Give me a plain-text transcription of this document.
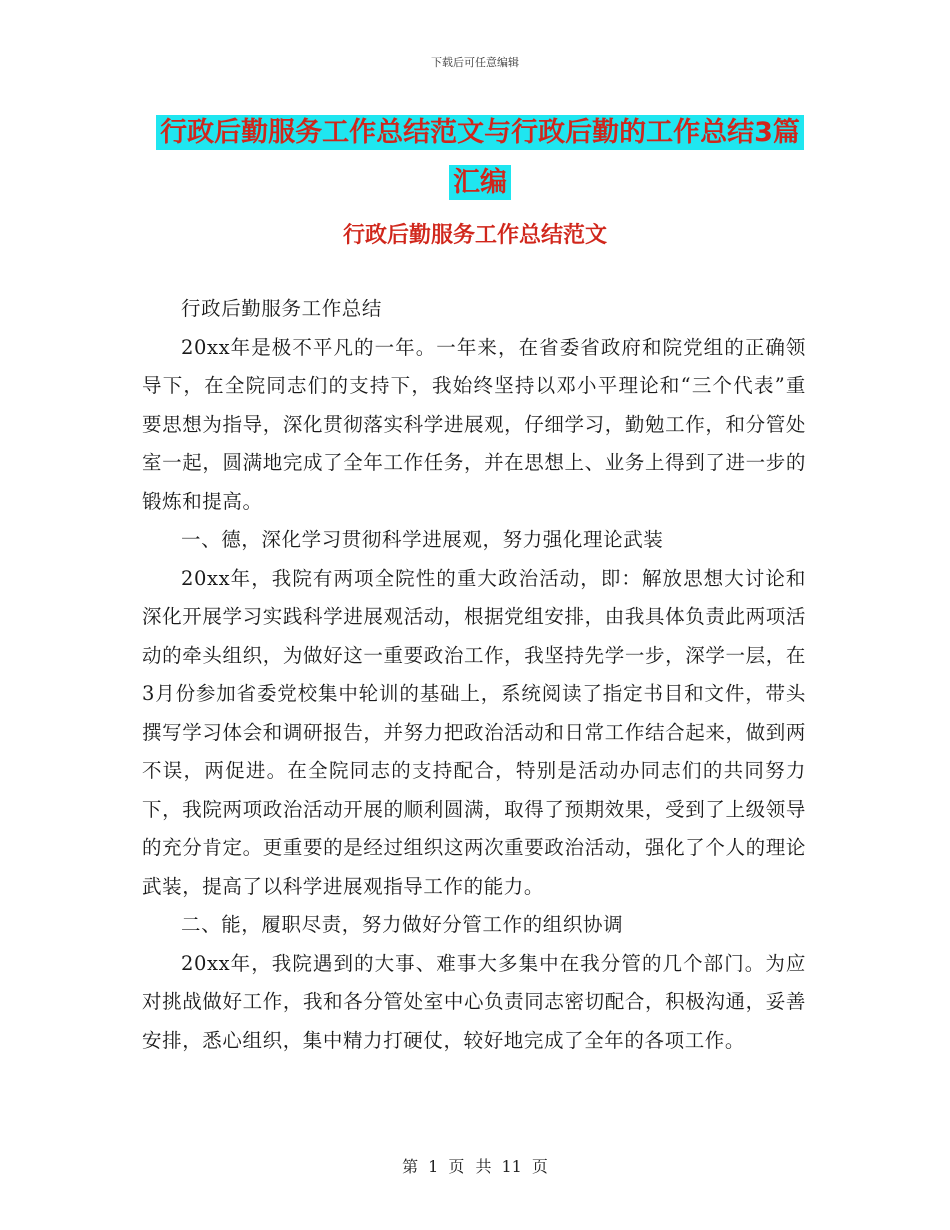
下载后可任意编辑
行政后勤服务工作总结范文与行政后勤的工作总结3篇汇编
行政后勤服务工作总结范文

行政后勤服务工作总结

20xx年是极不平凡的一年。一年来，在省委省政府和院党组的正确领导下，在全院同志们的支持下，我始终坚持以邓小平理论和“三个代表”重要思想为指导，深化贯彻落实科学进展观，仔细学习，勤勉工作，和分管处室一起，圆满地完成了全年工作任务，并在思想上、业务上得到了进一步的锻炼和提高。

一、德，深化学习贯彻科学进展观，努力强化理论武装

20xx年，我院有两项全院性的重大政治活动，即：解放思想大讨论和深化开展学习实践科学进展观活动，根据党组安排，由我具体负责此两项活动的牵头组织，为做好这一重要政治工作，我坚持先学一步，深学一层，在3月份参加省委党校集中轮训的基础上，系统阅读了指定书目和文件，带头撰写学习体会和调研报告，并努力把政治活动和日常工作结合起来，做到两不误，两促进。在全院同志的支持配合，特别是活动办同志们的共同努力下，我院两项政治活动开展的顺利圆满，取得了预期效果，受到了上级领导的充分肯定。更重要的是经过组织这两次重要政治活动，强化了个人的理论武装，提高了以科学进展观指导工作的能力。

二、能，履职尽责，努力做好分管工作的组织协调

20xx年，我院遇到的大事、难事大多集中在我分管的几个部门。为应对挑战做好工作，我和各分管处室中心负责同志密切配合，积极沟通，妥善安排，悉心组织，集中精力打硬仗，较好地完成了全年的各项工作。

第 1 页 共 11 页
